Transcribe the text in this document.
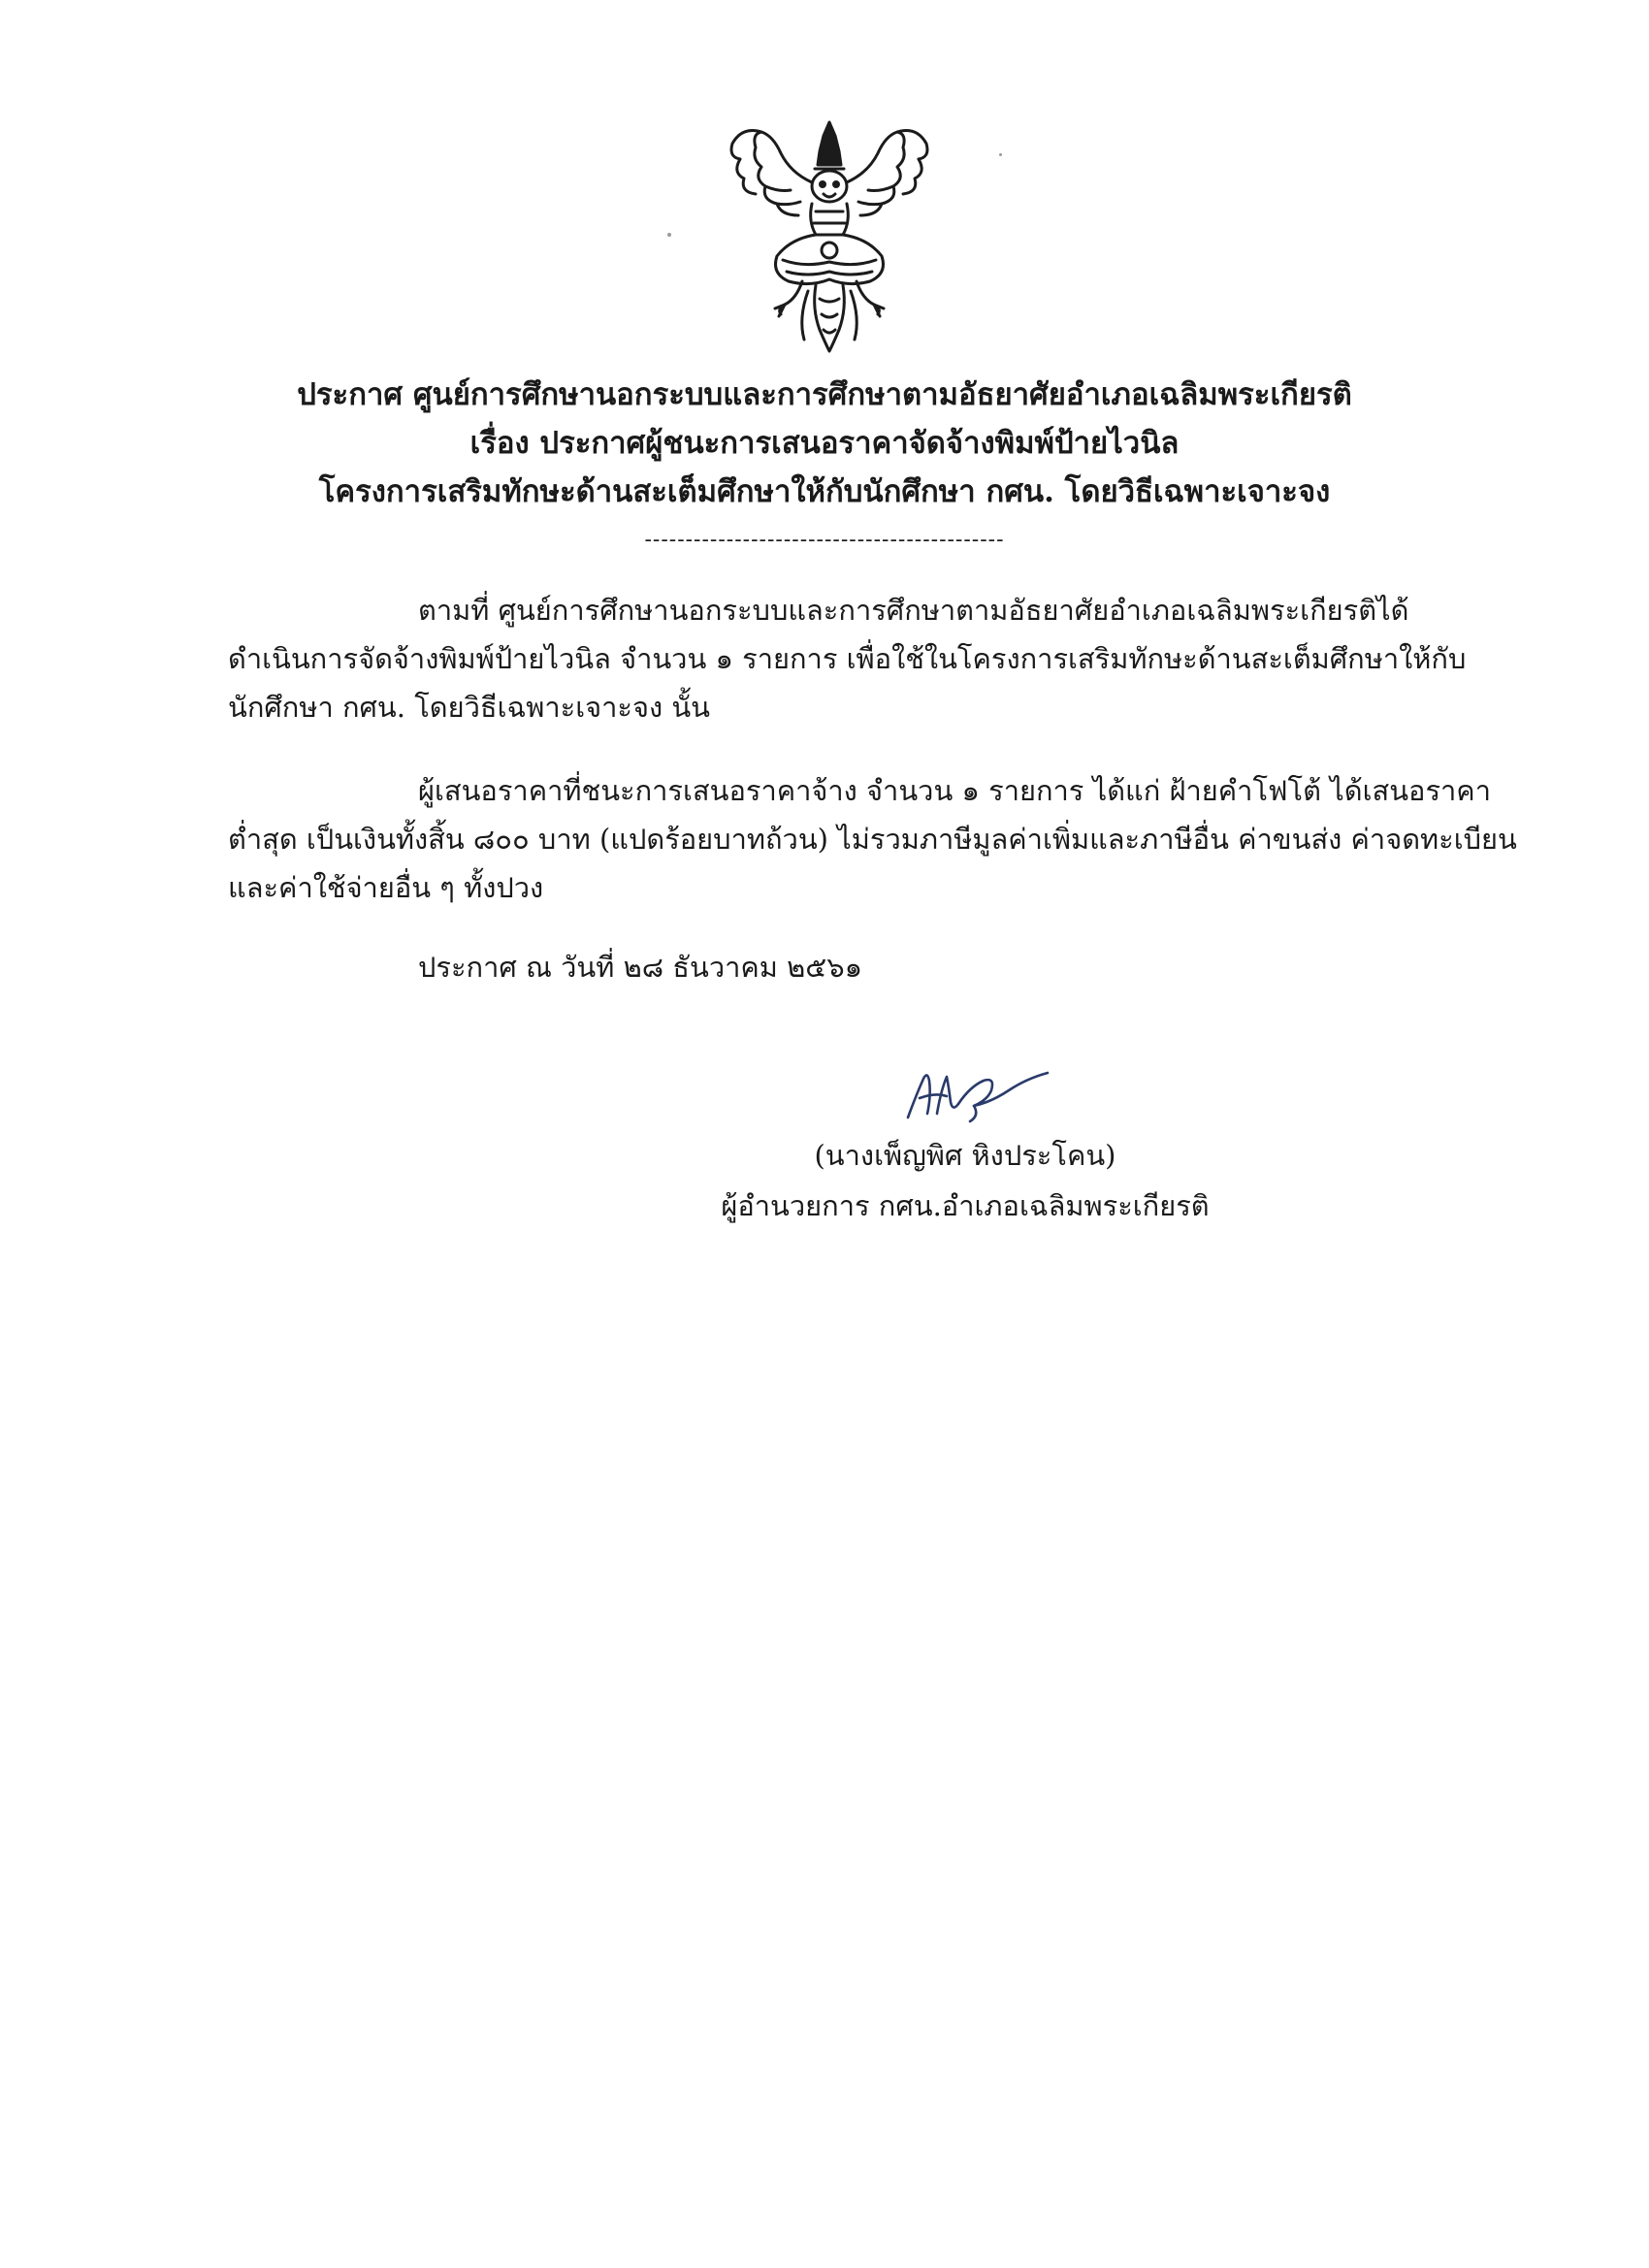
ประกาศ ศูนย์การศึกษานอกระบบและการศึกษาตามอัธยาศัยอำเภอเฉลิมพระเกียรติ
เรื่อง ประกาศผู้ชนะการเสนอราคาจัดจ้างพิมพ์ป้ายไวนิล
โครงการเสริมทักษะด้านสะเต็มศึกษาให้กับนักศึกษา กศน. โดยวิธีเฉพาะเจาะจง
--------------------------------------------
ตามที่ ศูนย์การศึกษานอกระบบและการศึกษาตามอัธยาศัยอำเภอเฉลิมพระเกียรติได้
ดำเนินการจัดจ้างพิมพ์ป้ายไวนิล จำนวน ๑ รายการ เพื่อใช้ในโครงการเสริมทักษะด้านสะเต็มศึกษาให้กับ
นักศึกษา กศน. โดยวิธีเฉพาะเจาะจง นั้น
ผู้เสนอราคาที่ชนะการเสนอราคาจ้าง จำนวน ๑ รายการ ได้แก่ ฝ้ายคำโฟโต้ ได้เสนอราคา
ต่ำสุด เป็นเงินทั้งสิ้น ๘๐๐ บาท (แปดร้อยบาทถ้วน) ไม่รวมภาษีมูลค่าเพิ่มและภาษีอื่น ค่าขนส่ง ค่าจดทะเบียน
และค่าใช้จ่ายอื่น ๆ ทั้งปวง
ประกาศ ณ วันที่ ๒๘ ธันวาคม ๒๕๖๑
(นางเพ็ญพิศ หิงประโคน)
ผู้อำนวยการ กศน.อำเภอเฉลิมพระเกียรติ
